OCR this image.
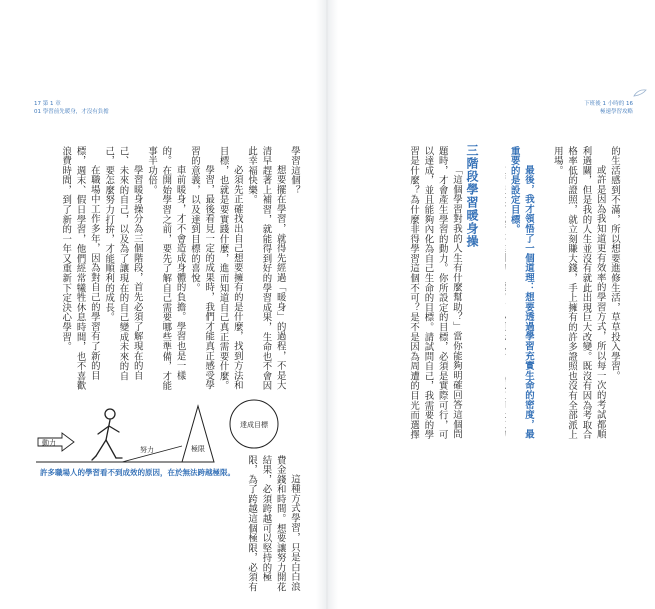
17 第 1 章
01 學習前先暖身，才沒有負擔
學習這個？
想要擺在學習，就得先經過「暖身」的過程，不是大清早趕著上補習，就能得到好的學習成果，生命也不會因此幸福快樂。
必須先正確找出自己想要擁有的是什麼，找到方法和目標，也就是要實踐什麼，進而知道自己真正需要什麼。
學習，最後看見一定的成果時，我們才能真正感受學習的意義，以及達到目標的喜悅。
車前暖身，才不會造成身體的負擔。學習也是一樣的。在開始學習之前，要先了解自己需要哪些準備，才能事半功倍。
學習暖身操分為三個階段，首先必須了解現在的自己、未來的自己，以及為了讓現在的自己變成未來的自己，要怎麼努力打拚，才能順利的成長。
在職場中工作多年，因為對自己的學習有了新的目標，週末、假日學習，他們經常犧牲休息時間，也不喜歡浪費時間，到了新的一年又重新下定決心學習。
動力
努力	極限
達成目標
許多職場人的學習看不到成效的原因，在於無法跨越極限。
這種方式學習，只是白白浪費金錢和時間。想要讓努力開花結果，必須跨越可以堅持的極限，為了跨越這個極限，必須有
下班後 1 小時的 16
極速學習攻略
的生活感到不滿，所以想要進修生活，草草投入學習。
或許是因為我知道更有效率的學習方式，所以每一次的考試都順利過關，但是我的人生並沒有就此出現巨大改變。既沒有因為考取合格率低的證照，就立刻賺大錢，手上擁有的許多證照也沒有全部派上用場。
最後，我才領悟了一個道理：想要透過學習充實生命的密度，最重要的是設定目標。
三階段學習暖身操
「這個學習對我的人生有什麼幫助？」當你能夠明確回答這個問題時，才會產生學習的動力。你所設定的目標，必須是實際可行，可以達成，並且能夠內化為自己生命的目標。請試問自己，我需要的學習是什麼？為什麼非得學習這個不可？是不是因為周遭的目光而選擇
